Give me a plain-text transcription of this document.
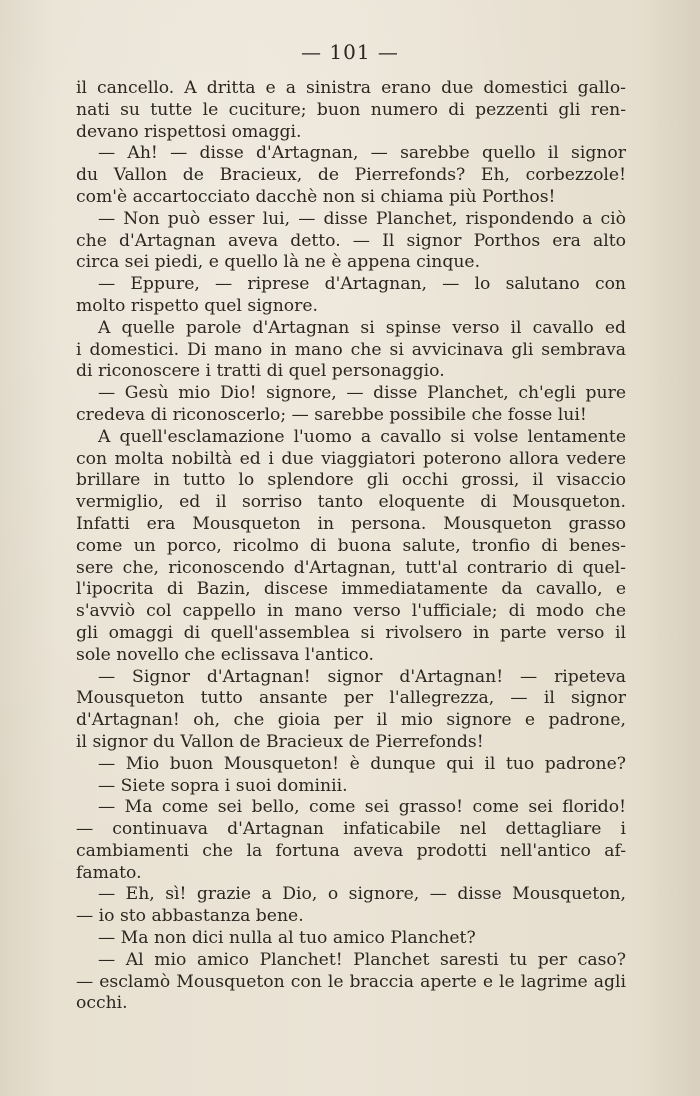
— 101 —
il cancello. A dritta e a sinistra erano due domestici gallo-
nati su tutte le cuciture; buon numero di pezzenti gli ren-
devano rispettosi omaggi.
— Ah! — disse d'Artagnan, — sarebbe quello il signor
du Vallon de Bracieux, de Pierrefonds? Eh, corbezzole!
com'è accartocciato dacchè non si chiama più Porthos!
— Non può esser lui, — disse Planchet, rispondendo a ciò
che d'Artagnan aveva detto. — Il signor Porthos era alto
circa sei piedi, e quello là ne è appena cinque.
— Eppure, — riprese d'Artagnan, — lo salutano con
molto rispetto quel signore.
A quelle parole d'Artagnan si spinse verso il cavallo ed
i domestici. Di mano in mano che si avvicinava gli sembrava
di riconoscere i tratti di quel personaggio.
— Gesù mio Dio! signore, — disse Planchet, ch'egli pure
credeva di riconoscerlo; — sarebbe possibile che fosse lui!
A quell'esclamazione l'uomo a cavallo si volse lentamente
con molta nobiltà ed i due viaggiatori poterono allora vedere
brillare in tutto lo splendore gli occhi grossi, il visaccio
vermiglio, ed il sorriso tanto eloquente di Mousqueton.
Infatti era Mousqueton in persona. Mousqueton grasso
come un porco, ricolmo di buona salute, tronfio di benes-
sere che, riconoscendo d'Artagnan, tutt'al contrario di quel-
l'ipocrita di Bazin, discese immediatamente da cavallo, e
s'avviò col cappello in mano verso l'ufficiale; di modo che
gli omaggi di quell'assemblea si rivolsero in parte verso il
sole novello che eclissava l'antico.
— Signor d'Artagnan! signor d'Artagnan! — ripeteva
Mousqueton tutto ansante per l'allegrezza, — il signor
d'Artagnan! oh, che gioia per il mio signore e padrone,
il signor du Vallon de Bracieux de Pierrefonds!
— Mio buon Mousqueton! è dunque qui il tuo padrone?
— Siete sopra i suoi dominii.
— Ma come sei bello, come sei grasso! come sei florido!
— continuava d'Artagnan infaticabile nel dettagliare i
cambiamenti che la fortuna aveva prodotti nell'antico af-
famato.
— Eh, sì! grazie a Dio, o signore, — disse Mousqueton,
— io sto abbastanza bene.
— Ma non dici nulla al tuo amico Planchet?
— Al mio amico Planchet! Planchet saresti tu per caso?
— esclamò Mousqueton con le braccia aperte e le lagrime agli
occhi.
